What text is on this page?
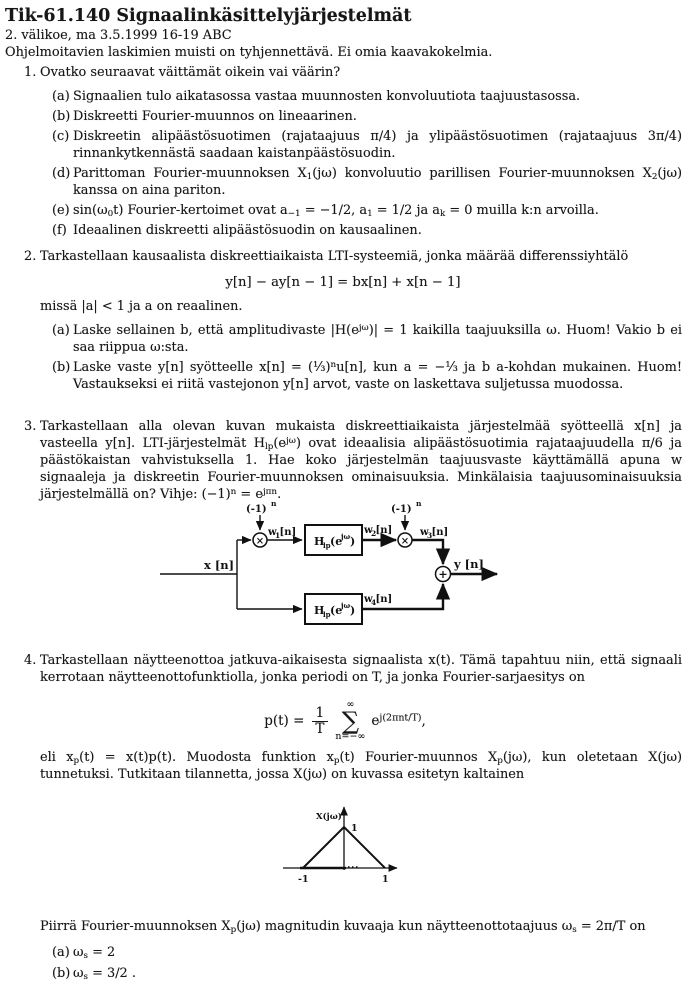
Tik-61.140 Signaalinkäsittelyjärjestelmät
2. välikoe, ma 3.5.1999 16-19 ABC
Ohjelmoitavien laskimien muisti on tyhjennettävä. Ei omia kaavakokelmia.
1. Ovatko seuraavat väittämät oikein vai väärin?
(a) Signaalien tulo aikatasossa vastaa muunnosten konvoluutiota taajuustasossa.
(b) Diskreetti Fourier-muunnos on lineaarinen.
(c) Diskreetin alipäästösuotimen (rajataajuus π/4) ja ylipäästösuotimen (rajataajuus 3π/4) rinnankytkennästä saadaan kaistanpäästösuodin.
(d) Parittoman Fourier-muunnoksen $X_1(j\omega)$ konvoluutio parillisen Fourier-muunnoksen $X_2(j\omega)$ kanssa on aina pariton.
(e) $\sin(\omega_0t)$ Fourier-kertoimet ovat $a_{-1} = -1/2$, $a_1 = 1/2$ ja $a_k = 0$ muilla k:n arvoilla.
(f) Ideaalinen diskreetti alipäästösuodin on kausaalinen.
2. Tarkastellaan kausaalista diskreettiaikaista LTI-systeemiä, jonka määrää differenssiyhtälö
y[n] − ay[n − 1] = bx[n] + x[n − 1]
missä |a| < 1 ja a on reaalinen.
(a) Laske sellainen b, että amplitudivaste $|H(e^{j\omega})| = 1$ kaikilla taajuuksilla ω. Huom! Vakio b ei saa riippua ω:sta.
(b) Laske vaste y[n] syötteelle x[n] = (⅓)$^n$u[n], kun a = −⅓ ja b a-kohdan mukainen. Huom! Vastaukseksi ei riitä vastejonon y[n] arvot, vaste on laskettava suljetussa muodossa.
3. Tarkastellaan alla olevan kuvan mukaista diskreettiaikaista järjestelmää syötteellä x[n] ja vasteella y[n]. LTI-järjestelmät $H_{lp}(e^{j\omega})$ ovat ideaalisia alipäästösuotimia rajataajuudella π/6 ja päästökaistan vahvistuksella 1. Hae koko järjestelmän taajuusvaste käyttämällä apuna w signaaleja ja diskreetin Fourier-muunnoksen ominaisuuksia. Minkälaisia taajuusominaisuuksia järjestelmällä on? Vihje: $(-1)^n = e^{j\pi n}$.
x [n]
×
(-1)
n
w
1 [n]
H
lp (e
jω )
w
2 [n]
×
(-1)
n
w
3 [n]
+
y [n]
H
lp (e
jω )
w
4 [n]
4. Tarkastellaan näytteenottoa jatkuva-aikaisesta signaalista x(t). Tämä tapahtuu niin, että signaali kerrotaan näytteenottofunktiolla, jonka periodi on T, ja jonka Fourier-sarjaesitys on
$p(t) = \frac{1}{T}$
∞
∑
n=−∞
$e^{j(2\pi nt/T)}$,
eli $x_p(t) = x(t)p(t)$. Muodosta funktion $x_p(t)$ Fourier-muunnos $X_p(j\omega)$, kun oletetaan X(jω) tunnetuksi. Tutkitaan tilannetta, jossa X(jω) on kuvassa esitetyn kaltainen
X(jω)
1
-1	1
Piirrä Fourier-muunnoksen $X_p(j\omega)$ magnitudin kuvaaja kun näytteenottotaajuus $\omega_s = 2\pi/T$ on
(a) $\omega_s = 2$
(b) $\omega_s = 3/2$ .
